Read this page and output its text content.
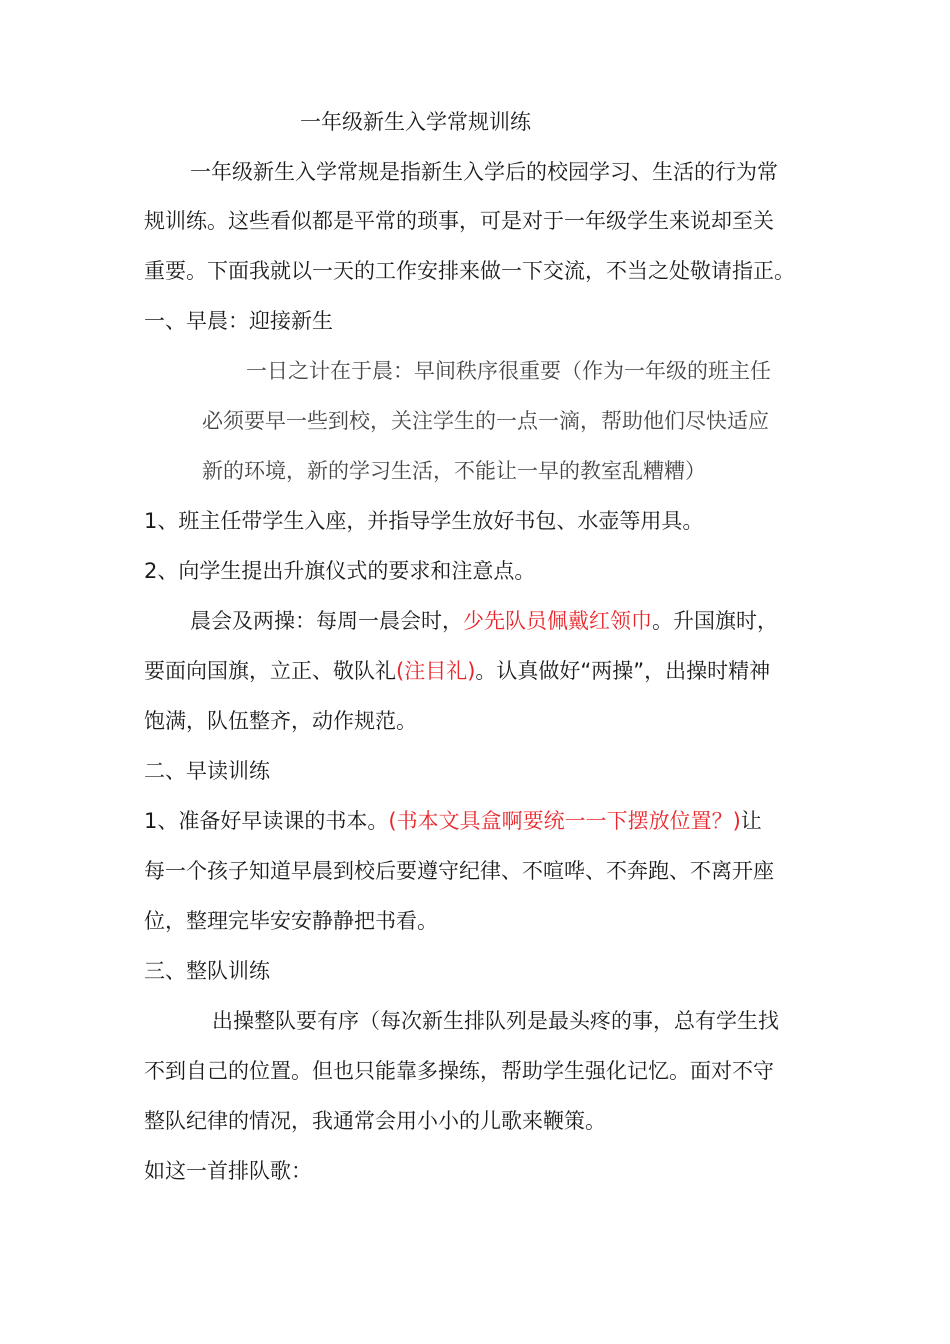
一年级新生入学常规训练
一年级新生入学常规是指新生入学后的校园学习、生活的行为常
规训练。这些看似都是平常的琐事，可是对于一年级学生来说却至关
重要。下面我就以一天的工作安排来做一下交流，不当之处敬请指正。
一、早晨：迎接新生
一日之计在于晨：早间秩序很重要（作为一年级的班主任
必须要早一些到校，关注学生的一点一滴，帮助他们尽快适应
新的环境，新的学习生活，不能让一早的教室乱糟糟）
1、班主任带学生入座，并指导学生放好书包、水壶等用具。
2、向学生提出升旗仪式的要求和注意点。
晨会及两操：每周一晨会时，少先队员佩戴红领巾。升国旗时，
要面向国旗，立正、敬队礼(注目礼)。认真做好“两操”，出操时精神
饱满，队伍整齐，动作规范。
二、早读训练
1、准备好早读课的书本。(书本文具盒啊要统一一下摆放位置？)让
每一个孩子知道早晨到校后要遵守纪律、不喧哗、不奔跑、不离开座
位，整理完毕安安静静把书看。
三、整队训练
出操整队要有序（每次新生排队列是最头疼的事，总有学生找
不到自己的位置。但也只能靠多操练，帮助学生强化记忆。面对不守
整队纪律的情况，我通常会用小小的儿歌来鞭策。
如这一首排队歌：
